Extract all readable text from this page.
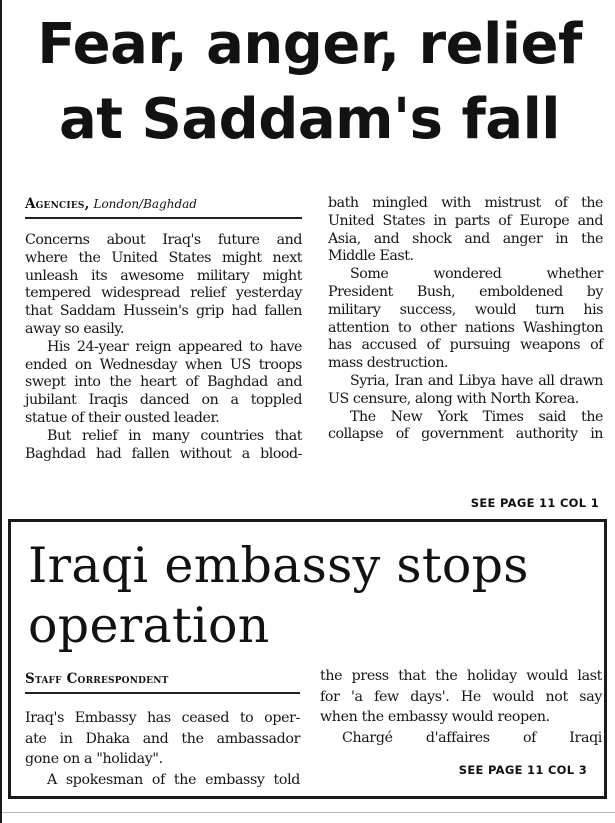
Fear, anger, relief
at Saddam's fall
Agencies, London/Baghdad
Concerns about Iraq's future and
where the United States might next
unleash its awesome military might
tempered widespread relief yesterday
that Saddam Hussein's grip had fallen
away so easily.
His 24-year reign appeared to have
ended on Wednesday when US troops
swept into the heart of Baghdad and
jubilant Iraqis danced on a toppled
statue of their ousted leader.
But relief in many countries that
Baghdad had fallen without a blood-
bath mingled with mistrust of the
United States in parts of Europe and
Asia, and shock and anger in the
Middle East.
Some wondered whether
President Bush, emboldened by
military success, would turn his
attention to other nations Washington
has accused of pursuing weapons of
mass destruction.
Syria, Iran and Libya have all drawn
US censure, along with North Korea.
The New York Times said the
collapse of government authority in
SEE PAGE 11 COL 1
Iraqi embassy stops
operation
Staff Correspondent
Iraq's Embassy has ceased to oper-
ate in Dhaka and the ambassador
gone on a "holiday".
A spokesman of the embassy told
the press that the holiday would last
for 'a few days'. He would not say
when the embassy would reopen.
Chargé d'affaires of Iraqi
SEE PAGE 11 COL 3
